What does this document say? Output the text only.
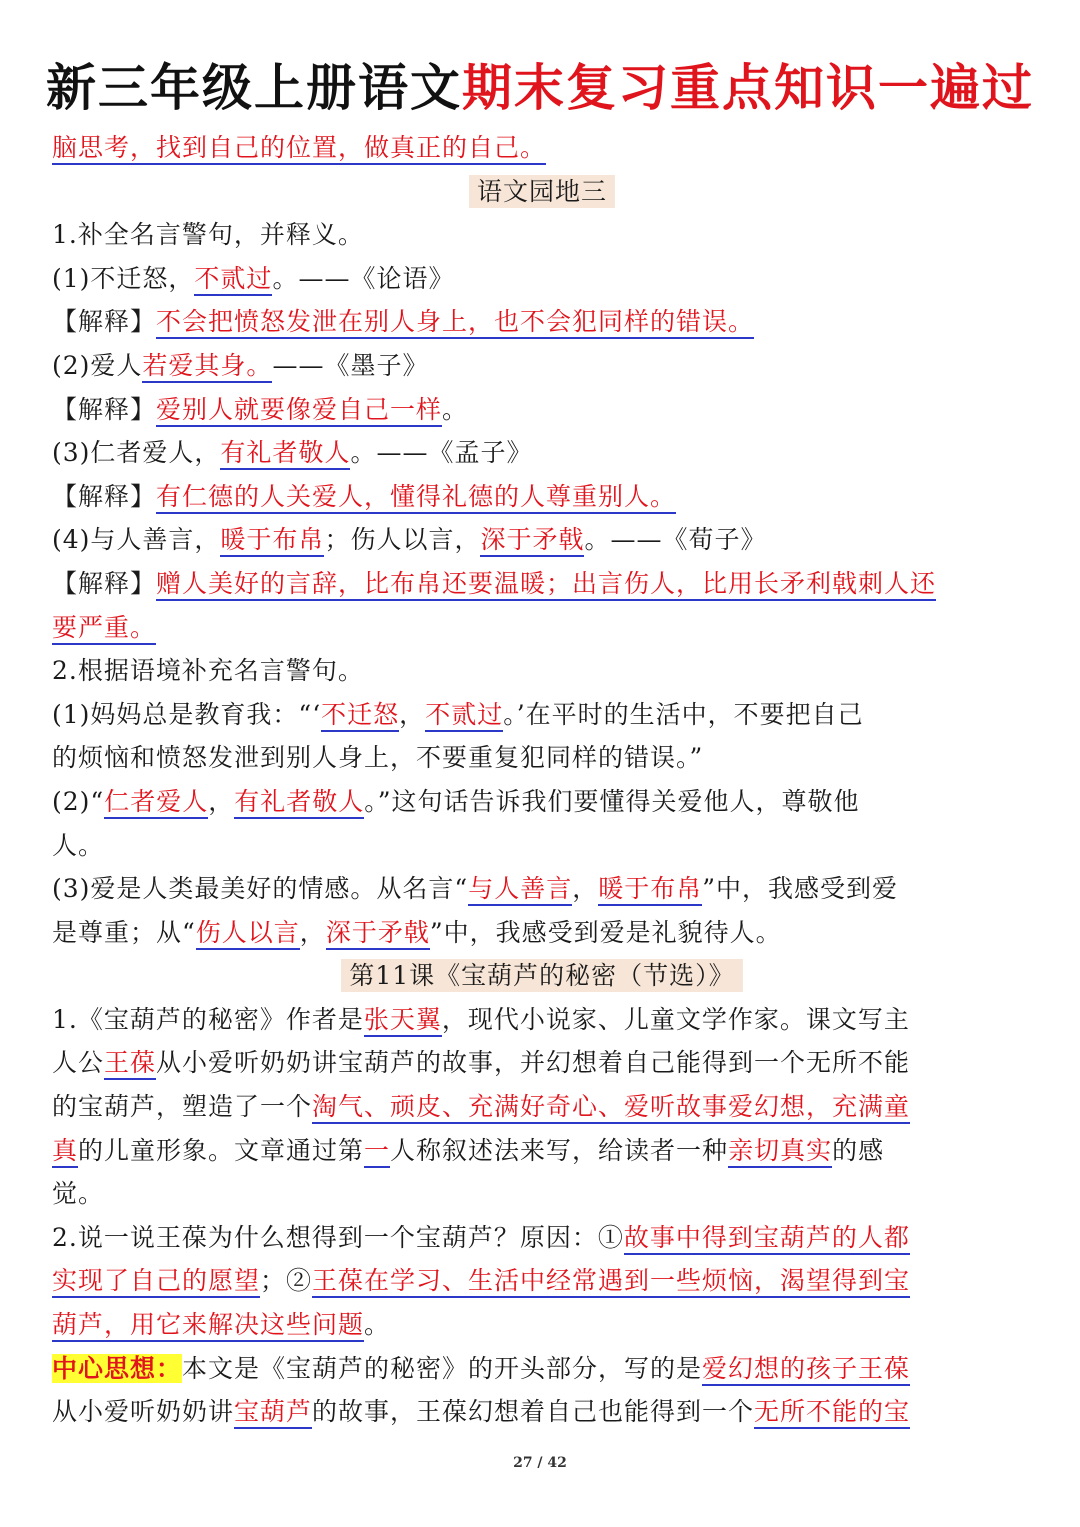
新三年级上册语文期末复习重点知识一遍过
脑思考，找到自己的位置，做真正的自己。
语文园地三
1.补全名言警句，并释义。
(1)不迁怒，不贰过。——《论语》
【解释】不会把愤怒发泄在别人身上，也不会犯同样的错误。
(2)爱人若爱其身。——《墨子》
【解释】爱别人就要像爱自己一样。
(3)仁者爱人，有礼者敬人。——《孟子》
【解释】有仁德的人关爱人，懂得礼德的人尊重别人。
(4)与人善言，暖于布帛；伤人以言，深于矛戟。——《荀子》
【解释】赠人美好的言辞，比布帛还要温暖；出言伤人，比用长矛利戟刺人还
要严重。
2.根据语境补充名言警句。
(1)妈妈总是教育我：“‘不迁怒，不贰过。’在平时的生活中，不要把自己
的烦恼和愤怒发泄到别人身上，不要重复犯同样的错误。”
(2)“仁者爱人，有礼者敬人。”这句话告诉我们要懂得关爱他人，尊敬他
人。
(3)爱是人类最美好的情感。从名言“与人善言，暖于布帛”中，我感受到爱
是尊重；从“伤人以言，深于矛戟”中，我感受到爱是礼貌待人。
第11课《宝葫芦的秘密（节选）》
1.《宝葫芦的秘密》作者是张天翼，现代小说家、儿童文学作家。课文写主
人公王葆从小爱听奶奶讲宝葫芦的故事，并幻想着自己能得到一个无所不能
的宝葫芦，塑造了一个淘气、顽皮、充满好奇心、爱听故事爱幻想，充满童
真的儿童形象。文章通过第一人称叙述法来写，给读者一种亲切真实的感
觉。
2.说一说王葆为什么想得到一个宝葫芦？原因：①故事中得到宝葫芦的人都
实现了自己的愿望；②王葆在学习、生活中经常遇到一些烦恼，渴望得到宝
葫芦，用它来解决这些问题。
中心思想：本文是《宝葫芦的秘密》的开头部分，写的是爱幻想的孩子王葆
从小爱听奶奶讲宝葫芦的故事，王葆幻想着自己也能得到一个无所不能的宝
27 / 42
